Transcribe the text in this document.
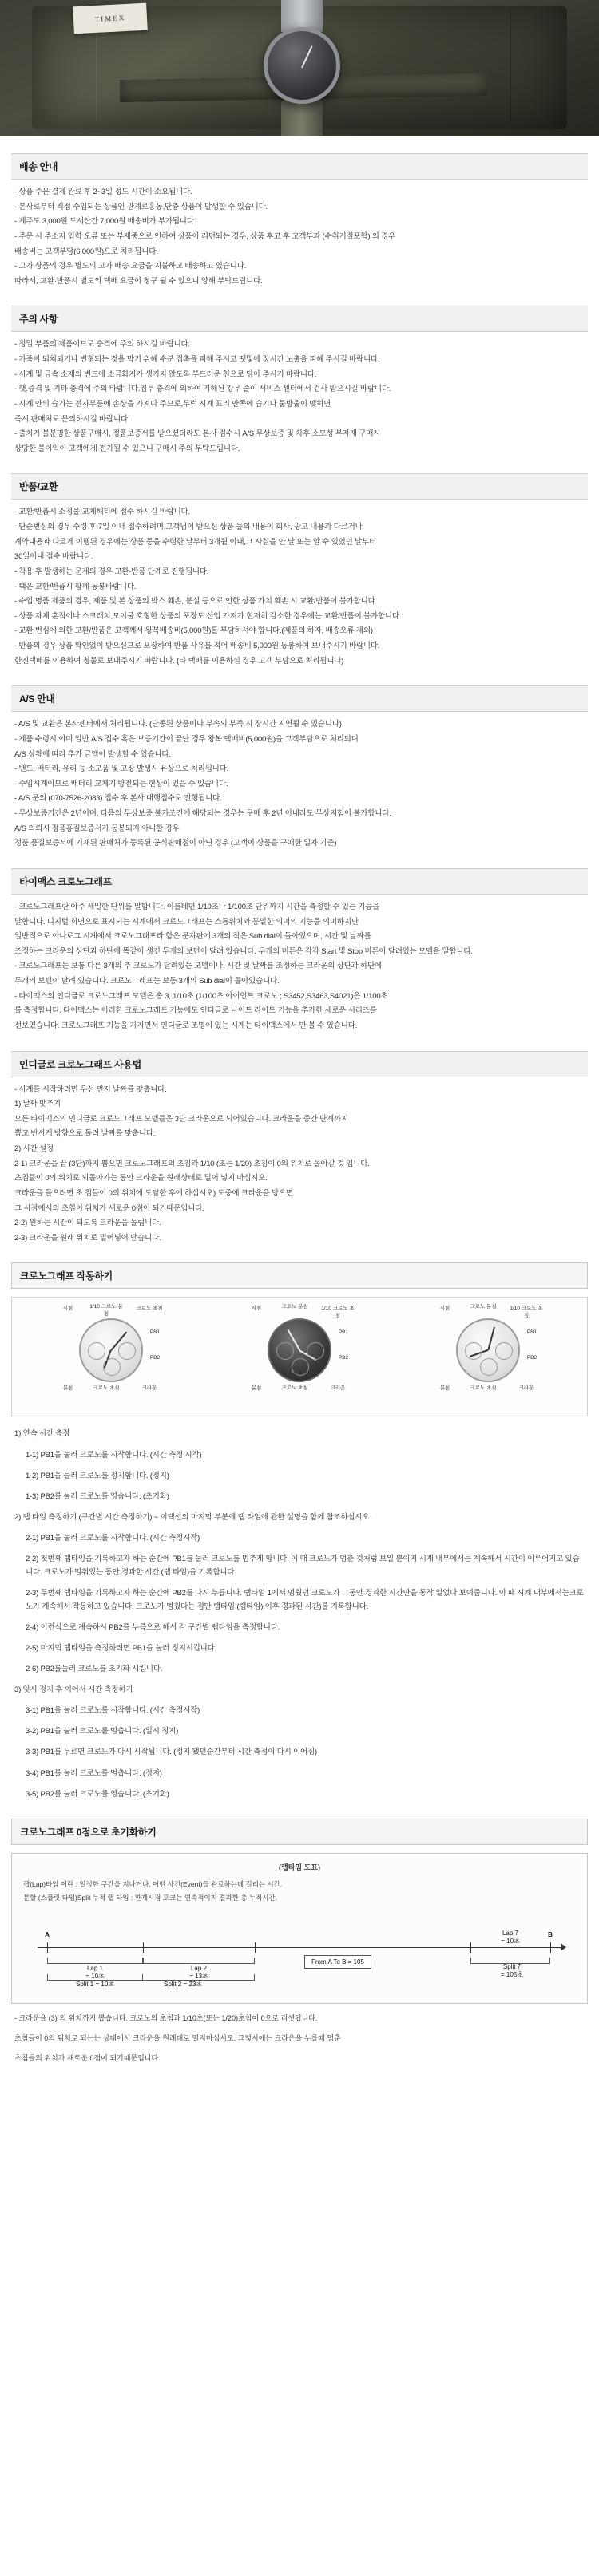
TIMEX
배송 안내

- 상품 주문 결제 완료 후 2~3일 정도 시간이 소요됩니다.

- 본사로부터 직접 수입되는 상품인 관계로홍동,단층 상품이 발생할 수 있습니다.

- 제주도 3,000원 도서산간 7,000원 배송비가 부가됩니다.

- 주문 시 주소지 입력 오류 또는 부재중으로 인하여 상품이 리턴되는 경우, 상품 후고 후 고객부과 (수취거절포함) 의 경우

배송비는 고객부담(6,000원)으로 처리됩니다.

- 고가 상품의 경우 별도의 고가 배송 요금을 지불하고 배송하고 있습니다.

따라서, 교환·반품시 별도의 택배 요금이 청구 될 수 있으니 양해 부탁드립니다.

주의 사항

- 정밀 부품의 제품이므로 충격에 주의 하시길 바랍니다.

- 가죽이 되쳐되거나 변형되는 것을 막기 위해 수분 접촉을 피해 주시고 땟및에 장시간 노출을 피해 주시길 바랍니다.

- 시계 및 금속 소재의 변드에 소금화지가 생기지 않도록 부드러운 천으로 닦아 주시기 바랍니다.

- 햇.증격 및 기타 충격에 주의 바랍니다.침투 충격에 의하여 기해된 강우 줄이 서비스 센터에서 검사 받으시길 바랍니다.

- 시계 안의 습기는 전자부품에 손상을 가져다 주므로,무럭 시계 표리 안쪽에 습기나 물방울이 맺히면

즉시 판매처로 문의하시길 바랍니다.

- 출치가 불분명한 상품구매시, 정품보증서를 받으셨더라도 본사 검수시 A/S 무상보증 및 차후 소모성 부자재 구매시

상당한 불이익이 고객에게 전가될 수 있으니 구매시 주의 부탁드립니다.

반품/교환

- 교환/반품시 소정물 교체해티에 접수 하시길 바랍니다.

- 단순변심의 경우 수령 후 7일 이내 접수하려며,고객님이 받으신 상품 둘의 내용이 회사, 광고 내용과 다르거나

계약내용과 다르게 이행된 경우에는 상품 등을 수령한 날부터 3개월 이내,그 사실을 안 날 또는 알 수 있었던 날부터

30일이내 접수 바랍니다.

- 착용 후 발생하는 문제의 경우 교환·반품 단계로 진행됩니다.

- 택은 교환/반품시 함께 동봉바랍니다.

- 수입,명품 제품의 경우, 제품 및 본 상품의 박스 훼손, 분실 등으로 인한 상품 가치 훼손 시 교환/반품이 불가합니다.

- 상품 자체 훈적이나 스크래치,모이물 호형한 상품의 포장도 산업 가져가 현저히 감소한 경우에는 교환/반품이 불가합니다.

- 교환 번심에 의한 교환/반품은 고객께서 왕복배송비(5,000원)를 부담하셔야 합니다.(제품의 하자, 배송오류 제외)

- 반품의 경우 상품 확인없이 받으신므로 포장하여 반품 사유를 적어 배송비 5,000원 동봉하여 보내주시기 바랍니다.

한진택배를 이용하여 청물로 보내주시기 바랍니다. (타 택배를 이용하실 경우 고객 부담으로 처리됩니다)

A/S 안내

- A/S 및 교환은 본사센터에서 처리됩니다. (단종된 상품이나 부속외 부족 시 장시간 지연될 수 있습니다)

- 제품 수령시 이미 일반 A/S 접수 혹은 보증기간이 끝난 경우 왕복 택배비(5,000원)을 고객부담으로 처리되며

A/S 상황에 따라 추가 금액이 발생할 수 있습니다.

- 밴드, 배터리, 유리 등 소모품 및 고장 발생시 유상으로 처리됩니다.

- 수입시계이므로 배터리 교체기 방전되는 현상이 있을 수 있습니다.

- A/S 문의 (070-7526-2083) 접수 후 본사 대행접수로 진행됩니다.

- 무상보증기간은 2년이며, 다음의 무상보증 불가조건에 해당되는 경우는 구매 후 2년 이내라도 무상지험이 불가합니다.

A/S 의뢰시 정품홍질보증서가 동봉되지 아니할 경우

정품 품질보증서에 기재된 판매처가 등록된 공식판매점이 아닌 경우 (고객이 상품을 구매한 일자 기준)

타이맥스 크로노그래프

- 크로노그래프란 아주 세밀한 단위를 말합니다. 이를테면 1/10초나 1/100초 단위까지 시간을 측정할 수 있는 기능을

말합니다. 디지털 회면으로 표시되는 시계에서 크로노그래프는 스톱워치와 동일한 의미의 기능을 의미하지만

일반적으로 아나로그 시계에서 크로노그래프라 함은 문자판에 3개의 작은 Sub dial이 돌아있으며, 시간 및 날짜를

조정하는 크라운의 상단과 하단에 똑같이 생긴 두개의 보턴이 달려 있습니다. 두개의 버튼은 각각 Start 및 Stop 버튼이 달려있는 모델을 말합니다.

- 크로노그래프는 보통 다른 3개의 추 크로노가 달려있는 모델이나, 시간 및 날짜를 조정하는 크라운의 상단과 하단에

두개의 보턴이 달려 있습니다. 크로노그래프는 보통 3개의 Sub dial이 돌아있습니다.

- 타이맥스의 인디글로 크로노그래프 모델은 총 3, 1/10초 (1/100초 아이언트 크로노 ; S3452,S3463,S4021)은 1/100초

를 측정합니다. 타이맥스는 이러한 크로노그래프 기능에도 인디글로 나이트 라이트 기능을 추가한 새로운 시리즈를

선보였습니다. 크로노그래프 기능을 가지면서 인디글로 조명이 있는 시계는 타이맥스에서 만 볼 수 있습니다.

인디글로 크로노그래프 사용법

- 시계를 시작하려면 우선 먼저 날짜를 맞춥니다.

1) 날짜 맞추기

모든 타이맥스의 인디글로 크로노그래프 모델들은 3단 크라운으로 되어있습니다. 크라운을 중간 단계까지

뽑고 반시계 방향으로 돌려 날짜를 맞춥니다.

2) 시간 설정

2-1) 크라운을 끝 (3단)까지 뽑으면 크로노그래프의 초침과 1/10 (또는 1/20) 초침이 0의 위치로 돌아갈 것 입니다.

초침들이 0의 위치로 되돌아가는 동안 크라운을 원래상태로 밀어 넣지 마십시오.

크라운을 돌으려면 초 침들이 0의 위치에 도달한 후에 하십시오) 도중에 크라운을 당으면

그 시점에서의 초침이 위치가 새로운 0점이 되기때문입니다.

2-2) 원하는 시간이 되도록 크라운을 돌립니다.

2-3) 크라운을 원래 위치로 밀어넣어 닫습니다.

크로노그래프 작동하기
시침	1/10 크로노 분침
크로노 초침
PB1
PB2
분침	크로노 초침	크라운
시침	크로노 분침	1/10 크로노 초침
PB1
PB2
분침	크로노 초침	크라운
시침	크로노 분침	1/10 크로노 초침
PB1
PB2
분침	크로노 초침	크라운

1) 연속 시간 측정

1-1) PB1을 눌러 크로노를 시작합니다. (시간 측정 시작)

1-2) PB1을 눌러 크로노를 정지합니다. (정지)

1-3) PB2를 눌러 크로노를 영습니다. (초기화)

2) 랩 타임 측정하기 (구간별 시간 측정하기) ~ 이택션의 마지막 부분에 랩 타임에 관한 설명을 함께 참조하십시오.

2-1) PB1을 눌러 크로노를 시작합니다. (시간 측정시작)

2-2) 첫번째 랩타임을 기록하고자 하는 순간에 PB1를 눌러 크로노를 멈추게 합니다. 이 때 크로노가 멈춘 것처럼 보일 뿐이지 시계 내부에서는 계속해서 시간이 이루어지고 있습니다. 크로노가 멈춰있는 동안 경과한 시간 (랩 타임)을 기록합니다.

2-3) 두번째 랩타임을 기록하고자 하는 순간에 PB2를 다시 누릅니다. 랩타임 1에서 멈췄던 크로노가 그동안 경과한 시간만을 동작 일었다 보여줍니다. 이 때 시계 내부에서는크로노가 계속해서 작동하고 있습니다. 크로노가 멈췄다는 점만 랩타임 (랩타임) 이후 경과된 시간)를 기록합니다.

2-4) 이런식으로 계속하시 PB2를 누름으로 해서 각 구간별 랩타임을 측정합니다.

2-5) 마지막 랩타임을 측정하려면 PB1을 눌러 정지시킵니다.

2-6) PB2를눌러 크로노를 초기화 시킵니다.

3) 잊시 정지 후 이어서 시간 측정하기

3-1) PB1을 눌러 크로노를 시작합니다. (시간 측정시작)

3-2) PB1을 눌러 크로노를 멈춥니다. (일시 정지)

3-3) PB1를 누르면 크로노가 다시 시작됩니다. (정지 됐던순간부터 시간 측정이 다시 이어짐)

3-4) PB1를 눌러 크로노를 멈춥니다. (정지)

3-5) PB2를 눌러 크로노를 영습니다. (초기화)

크로노그래프 0점으로 초기화하기
(랩타임 도표)
랩(Lap)타임 이란 : 일정한 구간을 지나거나, 어떤 사건(Event)을 완료하는데 걸리는 시간.
분할 (스플릿 타임)Split 누적 랩 타임 : 한제시점 포크는 연속적이지 결과한 총 누적시간.
A	B
Lap 1
= 10초
Lap 2
= 13초
Lap 7
= 10초
Split 1 = 10초	Split 2 = 23초
Split 7
= 105초
From A To B = 105

- 크라운을 (3) 의 위치까지 뽑습니다. 크로노의 초침과 1/10초(또는 1/20)초침이 0으로 리셋됩니다.

초침들이 0의 위치로 되는는 상태에서 크라운을 원래대로 밀지마십시오. 그렇시에는 크라운을 누를때 멈춘

초침들의 위치가 새로운 0점이 되기때문입니다.
